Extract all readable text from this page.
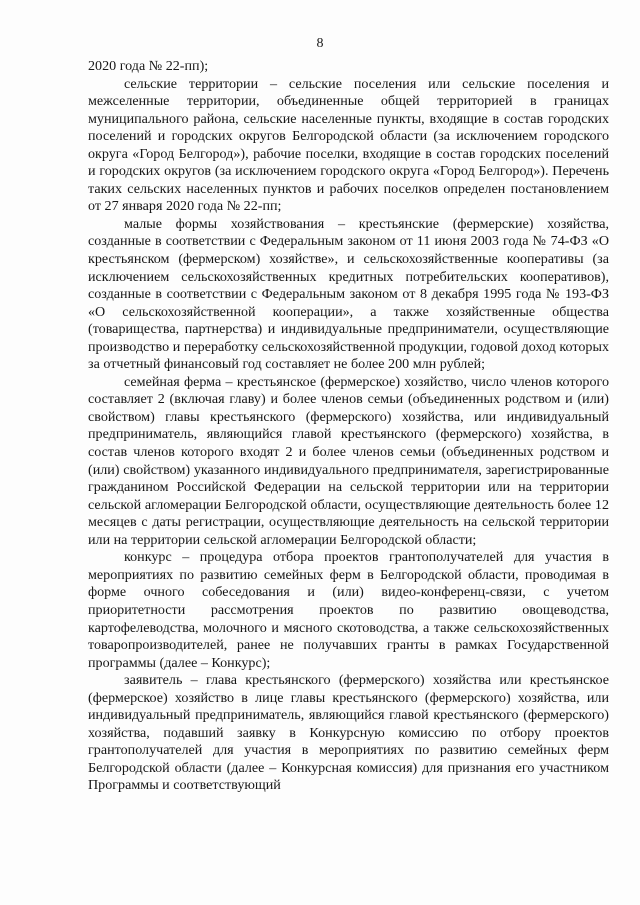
8

2020 года № 22-пп);

сельские территории – сельские поселения или сельские поселения и межселенные территории, объединенные общей территорией в границах муниципального района, сельские населенные пункты, входящие в состав городских поселений и городских округов Белгородской области (за исключением городского округа «Город Белгород»), рабочие поселки, входящие в состав городских поселений и городских округов (за исключением городского округа «Город Белгород»). Перечень таких сельских населенных пунктов и рабочих поселков определен постановлением от 27 января 2020 года № 22-пп;

малые формы хозяйствования – крестьянские (фермерские) хозяйства, созданные в соответствии с Федеральным законом от 11 июня 2003 года № 74-ФЗ «О крестьянском (фермерском) хозяйстве», и сельскохозяйственные кооперативы (за исключением сельскохозяйственных кредитных потребительских кооперативов), созданные в соответствии с Федеральным законом от 8 декабря 1995 года № 193-ФЗ «О сельскохозяйственной кооперации», а также хозяйственные общества (товарищества, партнерства) и индивидуальные предприниматели, осуществляющие производство и переработку сельскохозяйственной продукции, годовой доход которых за отчетный финансовый год составляет не более 200 млн рублей;

семейная ферма – крестьянское (фермерское) хозяйство, число членов которого составляет 2 (включая главу) и более членов семьи (объединенных родством и (или) свойством) главы крестьянского (фермерского) хозяйства, или индивидуальный предприниматель, являющийся главой крестьянского (фермерского) хозяйства, в состав членов которого входят 2 и более членов семьи (объединенных родством и (или) свойством) указанного индивидуального предпринимателя, зарегистрированные гражданином Российской Федерации на сельской территории или на территории сельской агломерации Белгородской области, осуществляющие деятельность более 12 месяцев с даты регистрации, осуществляющие деятельность на сельской территории или на территории сельской агломерации Белгородской области;

конкурс – процедура отбора проектов грантополучателей для участия в мероприятиях по развитию семейных ферм в Белгородской области, проводимая в форме очного собеседования и (или) видео-конференц-связи, с учетом приоритетности рассмотрения проектов по развитию овощеводства, картофелеводства, молочного и мясного скотоводства, а также сельскохозяйственных товаропроизводителей, ранее не получавших гранты в рамках Государственной программы (далее – Конкурс);

заявитель – глава крестьянского (фермерского) хозяйства или крестьянское (фермерское) хозяйство в лице главы крестьянского (фермерского) хозяйства, или индивидуальный предприниматель, являющийся главой крестьянского (фермерского) хозяйства, подавший заявку в Конкурсную комиссию по отбору проектов грантополучателей для участия в мероприятиях по развитию семейных ферм Белгородской области (далее – Конкурсная комиссия) для признания его участником Программы и соответствующий
